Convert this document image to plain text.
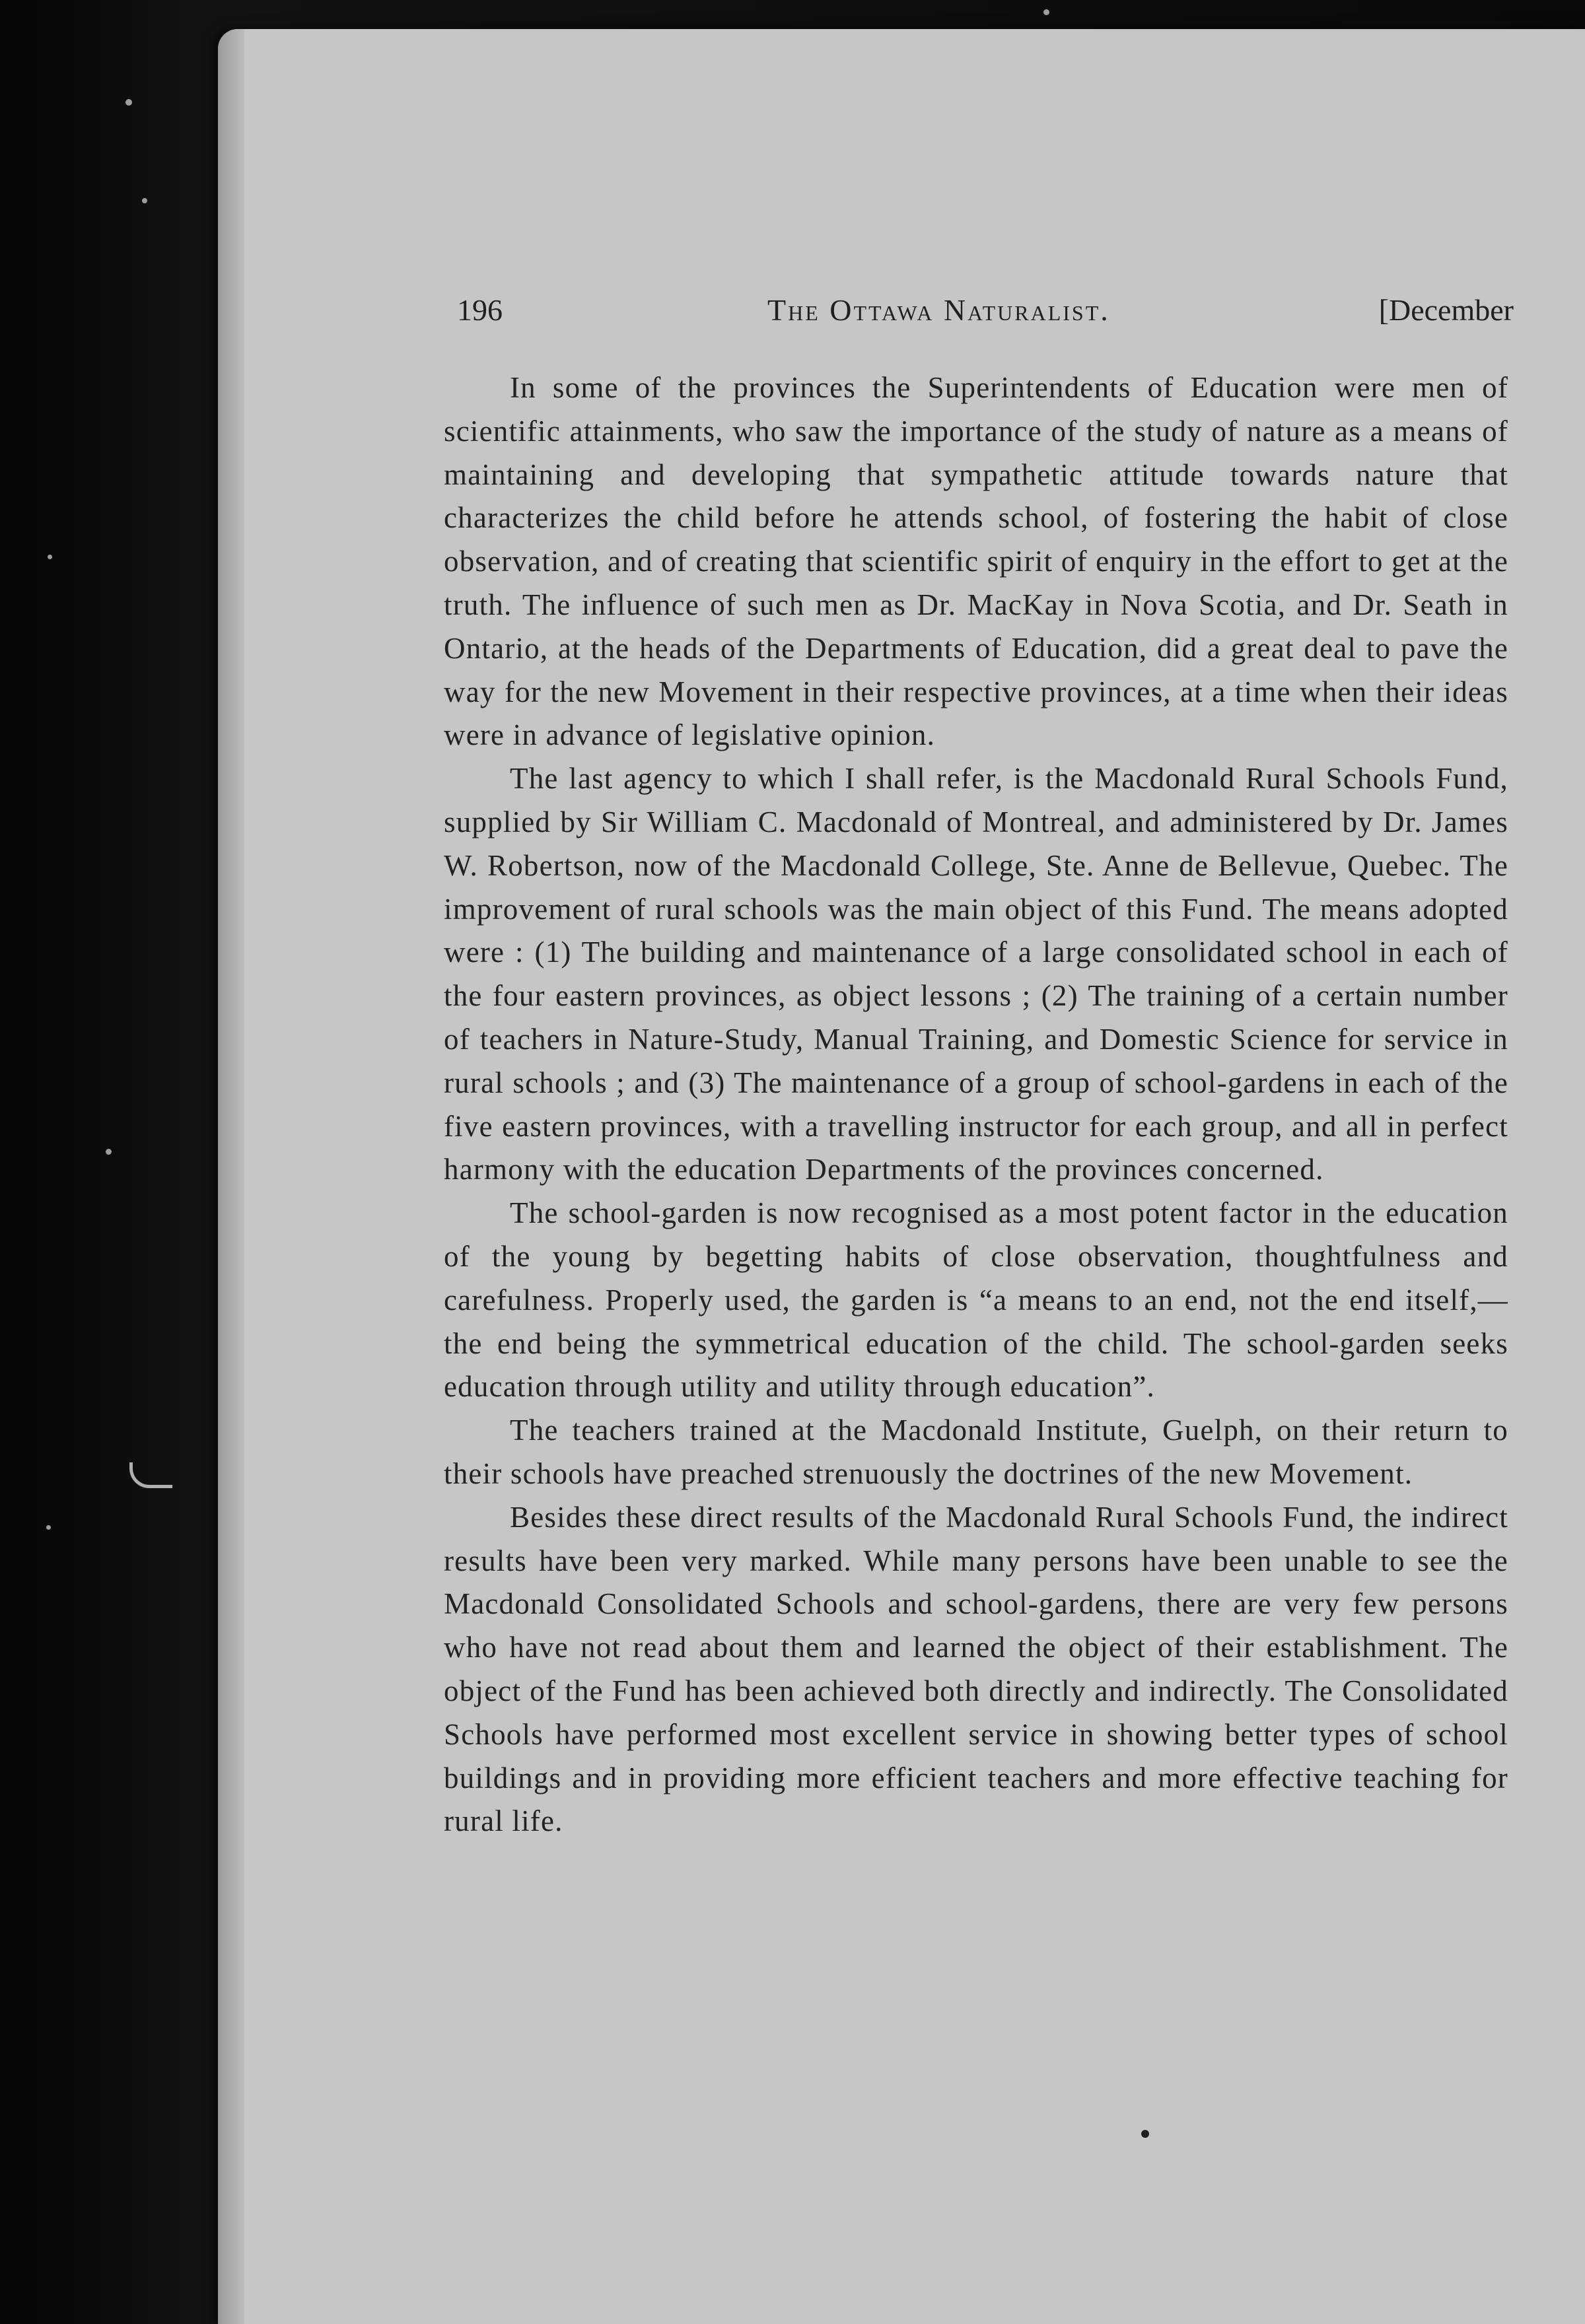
196	The Ottawa Naturalist.	[December

In some of the provinces the Superintendents of Education were men of scientific attainments, who saw the importance of the study of nature as a means of maintaining and developing that sympathetic attitude towards nature that characterizes the child before he attends school, of fostering the habit of close observation, and of creating that scientific spirit of enquiry in the effort to get at the truth. The influence of such men as Dr. MacKay in Nova Scotia, and Dr. Seath in Ontario, at the heads of the Departments of Education, did a great deal to pave the way for the new Movement in their respective provinces, at a time when their ideas were in advance of legislative opinion.

The last agency to which I shall refer, is the Macdonald Rural Schools Fund, supplied by Sir William C. Macdonald of Montreal, and administered by Dr. James W. Robertson, now of the Macdonald College, Ste. Anne de Bellevue, Quebec. The improvement of rural schools was the main object of this Fund. The means adopted were : (1) The building and maintenance of a large consolidated school in each of the four eastern provinces, as object lessons ; (2) The training of a certain number of teachers in Nature-Study, Manual Training, and Domestic Science for service in rural schools ; and (3) The maintenance of a group of school-gardens in each of the five eastern provinces, with a travelling instructor for each group, and all in perfect harmony with the education Departments of the provinces concerned.

The school-garden is now recognised as a most potent factor in the education of the young by begetting habits of close observation, thoughtfulness and carefulness. Properly used, the garden is “a means to an end, not the end itself,—the end being the symmetrical education of the child. The school-garden seeks education through utility and utility through education”.

The teachers trained at the Macdonald Institute, Guelph, on their return to their schools have preached strenuously the doctrines of the new Movement.

Besides these direct results of the Macdonald Rural Schools Fund, the indirect results have been very marked. While many persons have been unable to see the Macdonald Consolidated Schools and school-gardens, there are very few persons who have not read about them and learned the object of their establishment. The object of the Fund has been achieved both directly and indirectly. The Consolidated Schools have performed most excellent service in showing better types of school buildings and in providing more efficient teachers and more effective teaching for rural life.
